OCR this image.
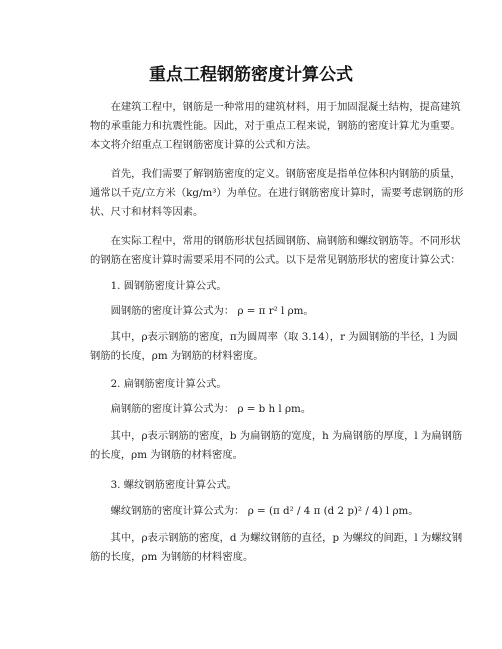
重点工程钢筋密度计算公式

在建筑工程中，钢筋是一种常用的建筑材料，用于加固混凝土结构，提高建筑

物的承重能力和抗震性能。因此，对于重点工程来说，钢筋的密度计算尤为重要。

本文将介绍重点工程钢筋密度计算的公式和方法。

首先，我们需要了解钢筋密度的定义。钢筋密度是指单位体积内钢筋的质量，

通常以千克/立方米（kg/m³）为单位。在进行钢筋密度计算时，需要考虑钢筋的形

状、尺寸和材料等因素。

在实际工程中，常用的钢筋形状包括圆钢筋、扁钢筋和螺纹钢筋等。不同形状

的钢筋在密度计算时需要采用不同的公式。以下是常见钢筋形状的密度计算公式：

1. 圆钢筋密度计算公式。

圆钢筋的密度计算公式为： ρ = π r² l ρm。

其中，ρ表示钢筋的密度，π为圆周率（取 3.14），r 为圆钢筋的半径，l 为圆

钢筋的长度，ρm 为钢筋的材料密度。

2. 扁钢筋密度计算公式。

扁钢筋的密度计算公式为： ρ = b h l ρm。

其中，ρ表示钢筋的密度，b 为扁钢筋的宽度，h 为扁钢筋的厚度，l 为扁钢筋

的长度，ρm 为钢筋的材料密度。

3. 螺纹钢筋密度计算公式。

螺纹钢筋的密度计算公式为： ρ = (π d² / 4 π (d 2 p)² / 4) l ρm。

其中，ρ表示钢筋的密度，d 为螺纹钢筋的直径，p 为螺纹的间距，l 为螺纹钢

筋的长度，ρm 为钢筋的材料密度。
